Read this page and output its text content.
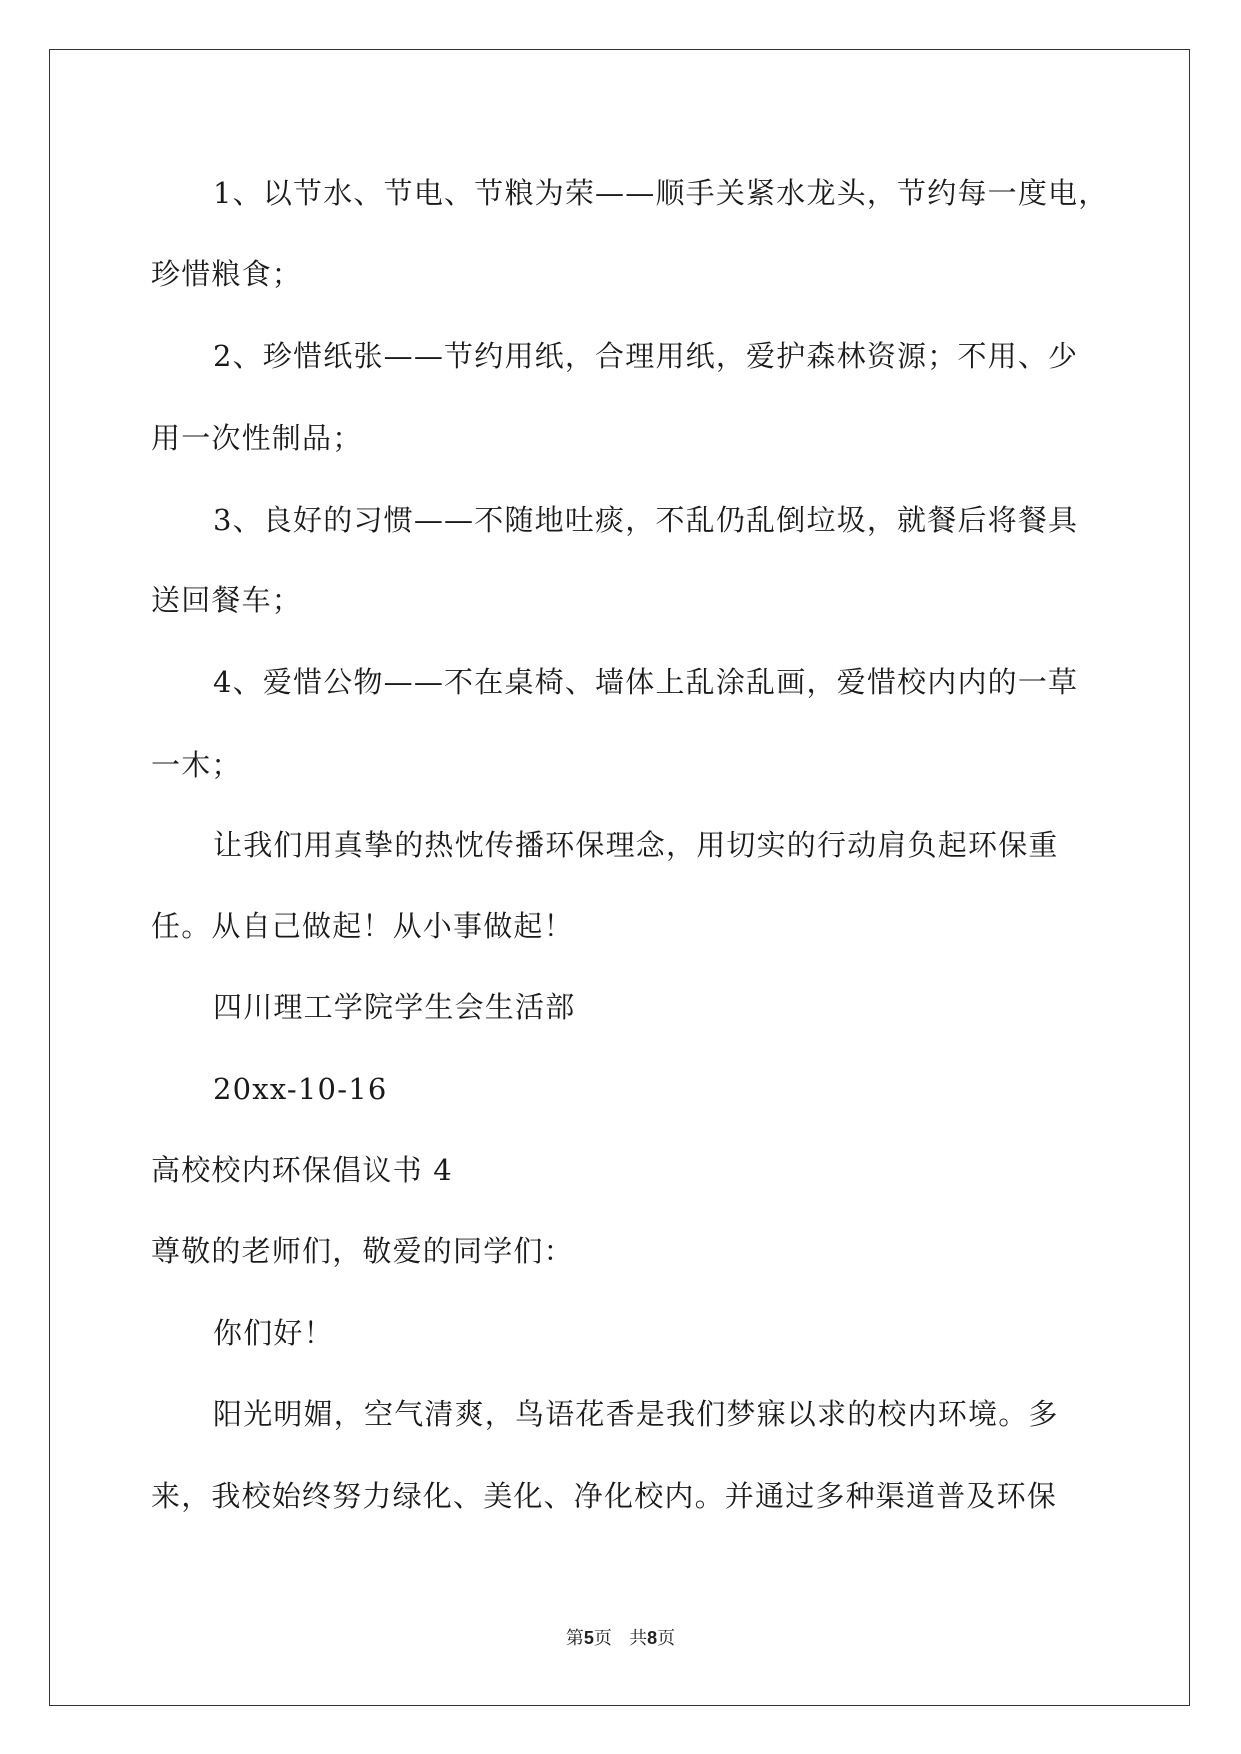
1、以节水、节电、节粮为荣——顺手关紧水龙头，节约每一度电，
珍惜粮食；
2、珍惜纸张——节约用纸，合理用纸，爱护森林资源；不用、少
用一次性制品；
3、良好的习惯——不随地吐痰，不乱仍乱倒垃圾，就餐后将餐具
送回餐车；
4、爱惜公物——不在桌椅、墙体上乱涂乱画，爱惜校内内的一草
一木；
让我们用真挚的热忱传播环保理念，用切实的行动肩负起环保重
任。从自己做起！从小事做起！
四川理工学院学生会生活部
20xx-10-16
高校校内环保倡议书 4
尊敬的老师们，敬爱的同学们：
你们好！
阳光明媚，空气清爽，鸟语花香是我们梦寐以求的校内环境。多
来，我校始终努力绿化、美化、净化校内。并通过多种渠道普及环保
第5页   共8页
